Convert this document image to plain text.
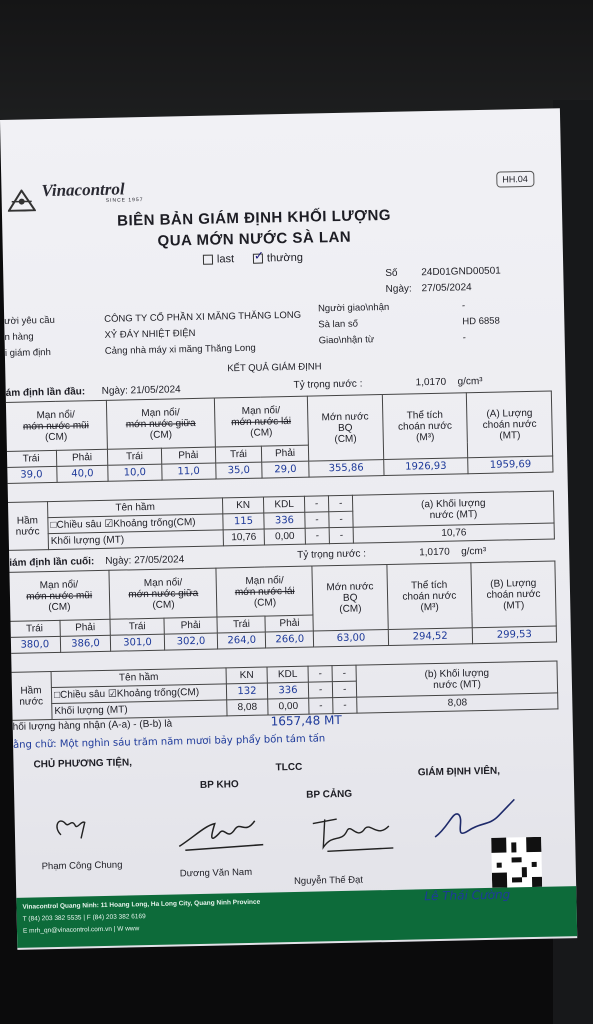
Vinacontrol
SINCE 1957
HH.04
BIÊN BẢN GIÁM ĐỊNH KHỐI LƯỢNG
QUA MỚN NƯỚC SÀ LAN
last ✓	thường
Số 24D01GND00501
Ngày: 27/05/2024
ười yêu cầu	CÔNG TY CỔ PHẦN XI MĂNG THĂNG LONG
n hàng	XỶ ĐÁY NHIỆT ĐIỆN
i giám định	Cảng nhà máy xi măng Thăng Long
Người giao\nhận	-
Sà lan số	HD 6858
Giao\nhận từ	-
KẾT QUẢ GIÁM ĐỊNH
ám định lần đầu: Ngày: 21/05/2024	Tỷ trọng nước :	1,0170 g/cm³
Mạn nổi/
mớn nước mũi
(CM)		Mạn nổi/
mớn nước giữa
(CM)		Mạn nổi/
mớn nước lái
(CM)		Mớn nước
BQ
(CM)	Thể tích
choán nước
(M³)	(A) Lượng
choán nước
(MT)
Trái	Phải	Trái	Phải	Trái	Phải			
39,0	40,0	10,0	11,0	35,0	29,0	355,86	1926,93	1959,69
Hầm
nước	Tên hầm	KN	KDL	-	-	(a) Khối lượng
nước (MT)
	□Chiều sâu ☑Khoảng trống(CM)	115	336	-	-	
	Khối lượng (MT)	10,76	0,00	-	-	10,76
iám định lần cuối: Ngày: 27/05/2024	Tỷ trọng nước :	1,0170 g/cm³
Mạn nổi/
mớn nước mũi
(CM)		Mạn nổi/
mớn nước giữa
(CM)		Mạn nổi/
mớn nước lái
(CM)		Mớn nước
BQ
(CM)	Thể tích
choán nước
(M³)	(B) Lượng
choán nước
(MT)
Trái	Phải	Trái	Phải	Trái	Phải			
380,0	386,0	301,0	302,0	264,0	266,0	63,00	294,52	299,53
Hầm
nước	Tên hầm	KN	KDL	-	-	(b) Khối lượng
nước (MT)
	□Chiều sâu ☑Khoảng trống(CM)	132	336	-	-	
	Khối lượng (MT)	8,08	0,00	-	-	8,08
hối lượng hàng nhận (A-a) - (B-b) là	1657,48 MT
ằng chữ: Một nghìn sáu trăm năm mươi bảy phẩy bốn tám tấn
CHỦ PHƯƠNG TIỆN,	TLCC
BP KHO
BP CẢNG
GIÁM ĐỊNH VIÊN,
Phạm Công Chung
Dương Văn Nam
Nguyễn Thế Đạt
Lê Thái Cường
Vinacontrol Quang Ninh: 11 Hoang Long, Ha Long City, Quang Ninh Province
T (84) 203 382 5535 | F (84) 203 382 6169
E mrh_qn@vinacontrol.com.vn | W www
